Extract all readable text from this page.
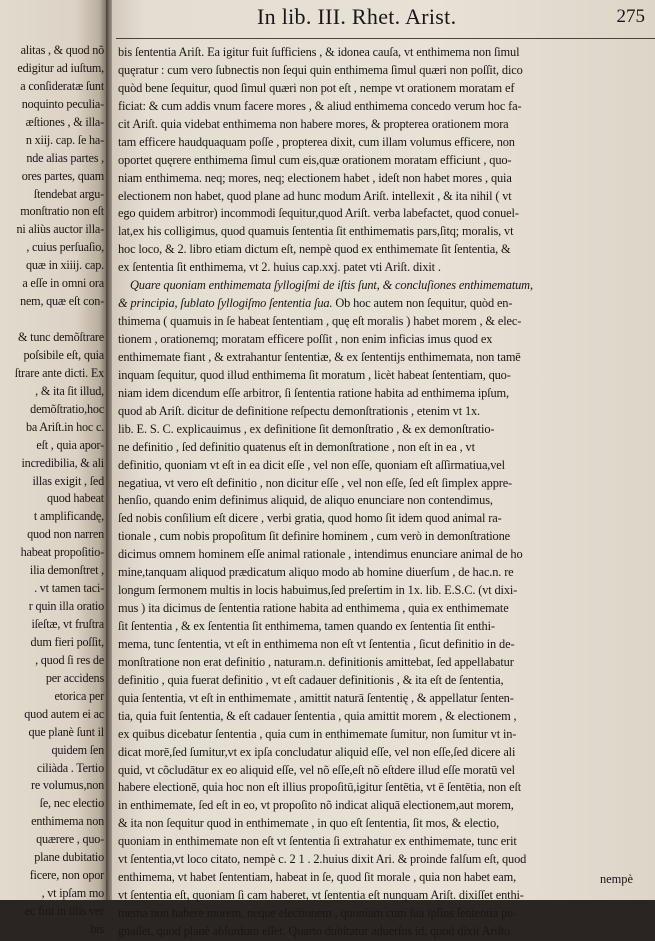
alitas , & quod nõ
edigitur ad iuſtum,
a conſideratæ ſunt
noquinto peculia-
æſtiones , & illa-
n xiij. cap. ſe ha-
nde alias partes ,
ores partes, quam
ſtendebat argu-
monſtratio non eſt
ni aliùs auctor illa-
, cuius perſuaſio,
quæ in xiiij. cap.
a eſſe in omni ora
nem, quæ eſt con-
& tunc demõſtrare
poſsibile eſt, quia
ſtrare ante dicti. Ex
, & ita ſit illud,
demõſtratio,hoc
ba Ariſt.in hoc c.
eſt , quia apor-
incredibilia, & ali
illas exigit , ſed
quod habeat
t amplificandę,
quod non narren
habeat propoſitio-
ilia demonſtret ,
. vt tamen taci-
r quin illa oratio
iſeſtæ, vt fruſtra
dum fieri poſſit,
, quod ſi res de
per accidens
etorica per
quod autem ei ac
que planè ſunt il
quidem ſen
ciliàda . Tertio
re volumus,non
ſe, nec electio
enthimema non
quærere , quo-
plane dubitatio
ficere, non opor
, vt ipſam mo
ec fuit in illis ver
bis
In lib. III. Rhet. Arist.	275
bis ſententia Ariſt. Ea igitur fuit ſufficiens , & idonea cauſa, vt enthimema non ſimul
quęratur : cum vero ſubnectis non ſequi quin enthimema ſimul quæri non poſſit, dico
quòd bene ſequitur, quod ſimul quæri non pot eſt , nempe vt orationem moratam ef
ficiat: & cum addis vnum facere mores , & aliud enthimema concedo verum hoc fa-
cit Ariſt. quia videbat enthimema non habere mores, & propterea orationem mora
tam efficere haudquaquam poſſe , propterea dixit, cum illam volumus efficere, non
oportet quęrere enthimema ſimul cum eis,quæ orationem moratam efficiunt , quo-
niam enthimema. neq; mores, neq; electionem habet , ideſt non habet mores , quia
electionem non habet, quod plane ad hunc modum Ariſt. intellexit , & ita nihil ( vt
ego quidem arbitror) incommodi ſequitur,quod Ariſt. verba labefactet, quod conuel-
lat,ex his colligimus, quod quamuis ſententia ſit enthimematis pars,ſitq; moralis, vt
hoc loco, & 2. libro etiam dictum eſt, nempè quod ex enthimemate ſit ſententia, &
ex ſententia ſit enthimema, vt 2. huius cap.xxj. patet vti Ariſt. dixit .
Quare quoniam enthimemata ſyllogiſmi de iſtis ſunt, & concluſiones enthimematum,
& principia, ſublato ſyllogiſmo ſententia ſua. Ob hoc autem non ſequitur, quòd en-
thimema ( quamuis in ſe habeat ſententiam , quę eſt moralis ) habet morem , & elec-
tionem , orationemq; moratam efficere poſſit , non enim inficias imus quod ex
enthimemate fiant , & extrahantur ſententiæ, & ex ſententijs enthimemata, non tamē
inquam ſequitur, quod illud enthimema ſit moratum , licèt habeat ſententiam, quo-
niam idem dicendum eſſe arbitror, ſi ſententia ratione habita ad enthimema ipſum,
quod ab Ariſt. dicitur de definitione reſpectu demonſtrationis , etenim vt 1x.
lib. E. S. C. explicauimus , ex definitione ſit demonſtratio , & ex demonſtratio-
ne definitio , ſed definitio quatenus eſt in demonſtratione , non eſt in ea , vt
definitio, quoniam vt eſt in ea dicit eſſe , vel non eſſe, quoniam eſt aſſirmatiua,vel
negatiua, vt vero eſt definitio , non dicitur eſſe , vel non eſſe, ſed eſt ſimplex appre-
henſio, quando enim definimus aliquid, de aliquo enunciare non contendimus,
ſed nobis conſilium eſt dicere , verbi gratia, quod homo ſit idem quod animal ra-
tionale , cum nobis propoſitum ſit definire hominem , cum verò in demonſtratione
dicimus omnem hominem eſſe animal rationale , intendimus enunciare animal de ho
mine,tanquam aliquod prædicatum aliquo modo ab homine diuerſum , de hac.n. re
longum ſermonem multis in locis habuimus,ſed preſertim in 1x. lib. E.S.C. (vt dixi-
mus ) ita dicimus de ſententia ratione habita ad enthimema , quia ex enthimemate
ſit ſententia , & ex ſententia ſit enthimema, tamen quando ex ſententia ſit enthi-
mema, tunc ſententia, vt eſt in enthimema non eſt vt ſententia , ſicut definitio in de-
monſtratione non erat definitio , naturam.n. definitionis amittebat, ſed appellabatur
definitio , quia fuerat definitio , vt eſt cadauer definitionis , & ita eſt de ſententia,
quia ſententia, vt eſt in enthimemate , amittit naturā ſententię , & appellatur ſenten-
tia, quia fuit ſententia, & eſt cadauer ſententia , quia amittit morem , & electionem ,
ex quibus dicebatur ſententia , quia cum in enthimemate ſumitur, non ſumitur vt in-
dicat morē,ſed ſumitur,vt ex ipſa concludatur aliquid eſſe, vel non eſſe,ſed dicere ali
quid, vt cõcludātur ex eo aliquid eſſe, vel nõ eſſe,eſt nõ eſtdere illud eſſe moratū vel
habere electionē, quia hoc non eſt illius propoſitū,igitur ſentētia, vt ē ſentētia, non eſt
in enthimemate, ſed eſt in eo, vt propoſito nõ indicat aliquā electionem,aut morem,
& ita non ſequitur quod in enthimemate , in quo eſt ſententia, ſit mos, & electio,
quoniam in enthimemate non eſt vt ſententia ſi extrahatur ex enthimemate, tunc erit
vt ſententia,vt loco citato, nempè c. 2 1 . 2.huius dixit Ari. & proinde falſum eſt, quod
enthimema, vt habet ſententiam, habeat in ſe, quod ſit morale , quia non habet eam,
vt ſententia eſt, quoniam ſi cam haberet, vt ſententia eſt nunquam Ariſt. dixiſſet enthi-
mema non habere morem, neque electionem , quoniam cum ſua ipſius ſententia pu-
gnaſſet, quod planè abſurdum eſſet. Quarto dubitatur aduerſus id, quod dixit Ariſto.
nempè
